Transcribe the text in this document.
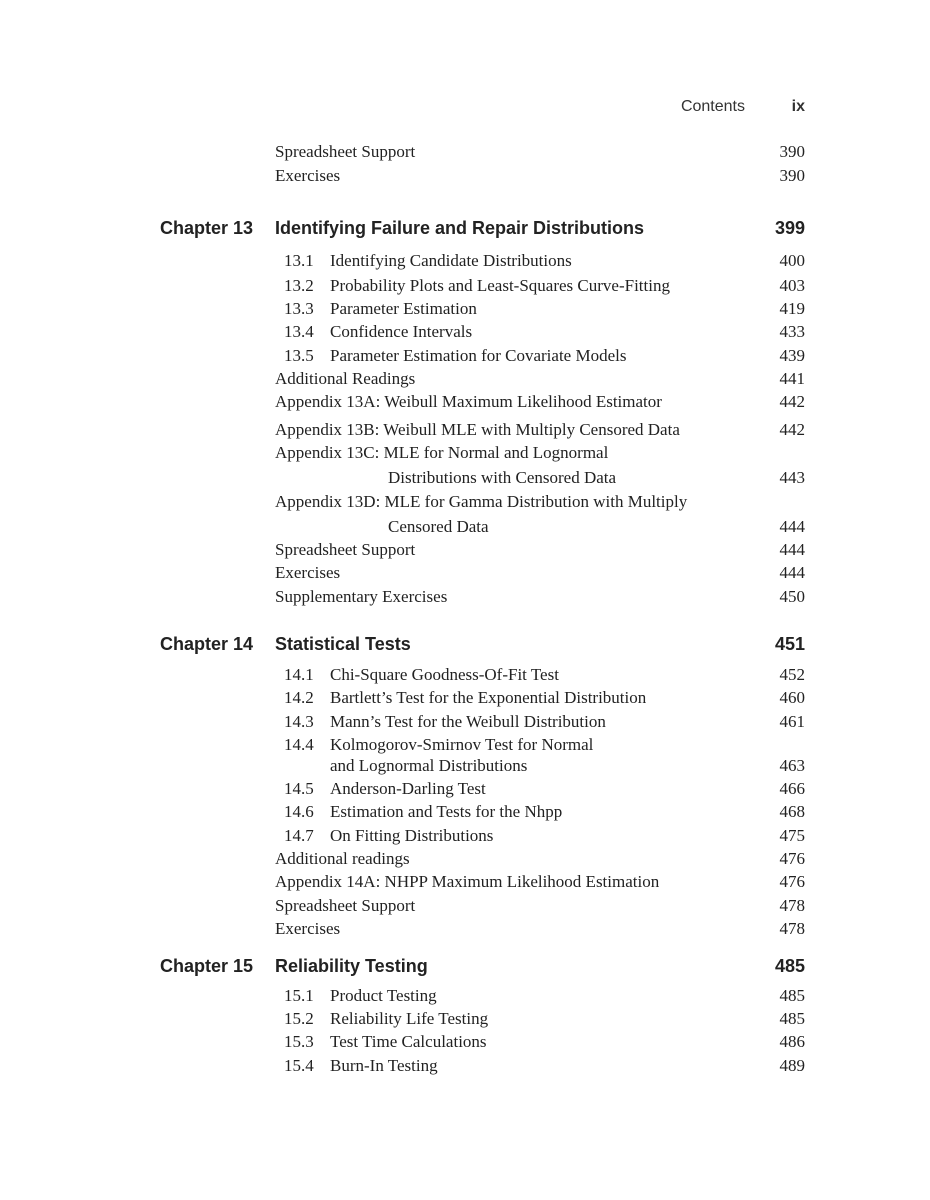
Contents	ix
Spreadsheet Support	390
Exercises	390
Chapter 13 Identifying Failure and Repair Distributions	399
13.1 Identifying Candidate Distributions	400
13.2 Probability Plots and Least-Squares Curve-Fitting	403
13.3 Parameter Estimation	419
13.4 Confidence Intervals	433
13.5 Parameter Estimation for Covariate Models	439
Additional Readings	441
Appendix 13A: Weibull Maximum Likelihood Estimator	442
Appendix 13B: Weibull MLE with Multiply Censored Data	442
Appendix 13C: MLE for Normal and Lognormal
Distributions with Censored Data	443
Appendix 13D: MLE for Gamma Distribution with Multiply
Censored Data	444
Spreadsheet Support	444
Exercises	444
Supplementary Exercises	450
Chapter 14 Statistical Tests	451
14.1 Chi-Square Goodness-Of-Fit Test	452
14.2 Bartlett’s Test for the Exponential Distribution	460
14.3 Mann’s Test for the Weibull Distribution	461
14.4 Kolmogorov-Smirnov Test for Normal
and Lognormal Distributions	463
14.5 Anderson-Darling Test	466
14.6 Estimation and Tests for the Nhpp	468
14.7 On Fitting Distributions	475
Additional readings	476
Appendix 14A: NHPP Maximum Likelihood Estimation	476
Spreadsheet Support	478
Exercises	478
Chapter 15 Reliability Testing	485
15.1 Product Testing	485
15.2 Reliability Life Testing	485
15.3 Test Time Calculations	486
15.4 Burn-In Testing	489
